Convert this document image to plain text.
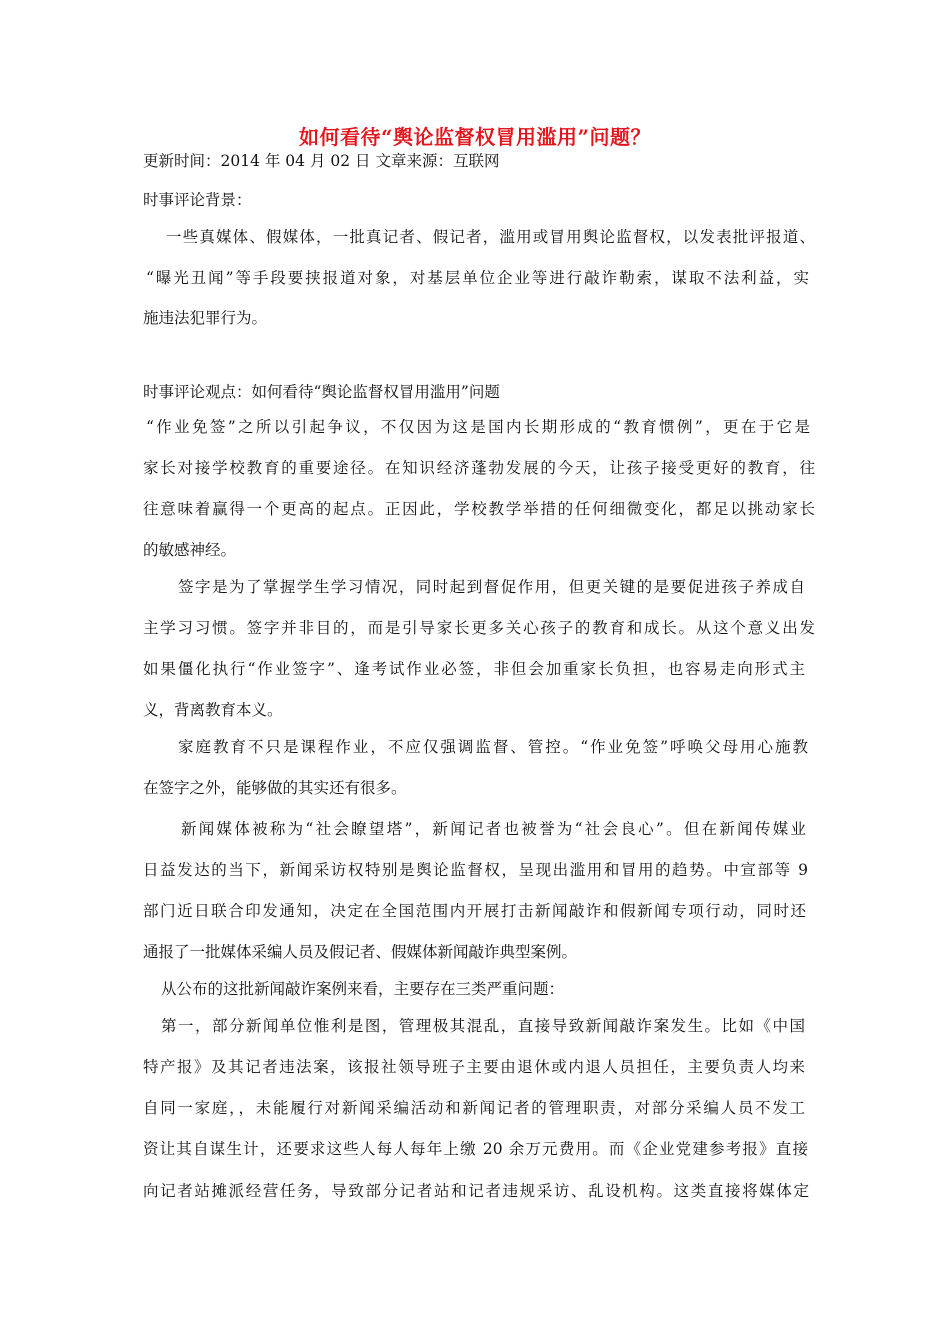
如何看待“舆论监督权冒用滥用”问题？
更新时间：2014 年 04 月 02 日 文章来源：互联网
时事评论背景：
一些真媒体、假媒体，一批真记者、假记者，滥用或冒用舆论监督权，以发表批评报道、
“曝光丑闻”等手段要挟报道对象，对基层单位企业等进行敲诈勒索，谋取不法利益，实
施违法犯罪行为。
时事评论观点：如何看待“舆论监督权冒用滥用”问题
“作业免签”之所以引起争议，不仅因为这是国内长期形成的“教育惯例”，更在于它是
家长对接学校教育的重要途径。在知识经济蓬勃发展的今天，让孩子接受更好的教育，往
往意味着赢得一个更高的起点。正因此，学校教学举措的任何细微变化，都足以挑动家长
的敏感神经。
签字是为了掌握学生学习情况，同时起到督促作用，但更关键的是要促进孩子养成自
主学习习惯。签字并非目的，而是引导家长更多关心孩子的教育和成长。从这个意义出发
如果僵化执行“作业签字”、逢考试作业必签，非但会加重家长负担，也容易走向形式主
义，背离教育本义。
家庭教育不只是课程作业，不应仅强调监督、管控。“作业免签”呼唤父母用心施教
在签字之外，能够做的其实还有很多。
新闻媒体被称为“社会瞭望塔”，新闻记者也被誉为“社会良心”。但在新闻传媒业
日益发达的当下，新闻采访权特别是舆论监督权，呈现出滥用和冒用的趋势。中宣部等 9
部门近日联合印发通知，决定在全国范围内开展打击新闻敲诈和假新闻专项行动，同时还
通报了一批媒体采编人员及假记者、假媒体新闻敲诈典型案例。
从公布的这批新闻敲诈案例来看，主要存在三类严重问题：
第一，部分新闻单位惟利是图，管理极其混乱，直接导致新闻敲诈案发生。比如《中国
特产报》及其记者违法案，该报社领导班子主要由退休或内退人员担任，主要负责人均来
自同一家庭，，未能履行对新闻采编活动和新闻记者的管理职责，对部分采编人员不发工
资让其自谋生计，还要求这些人每人每年上缴 20 余万元费用。而《企业党建参考报》直接
向记者站摊派经营任务，导致部分记者站和记者违规采访、乱设机构。这类直接将媒体定
